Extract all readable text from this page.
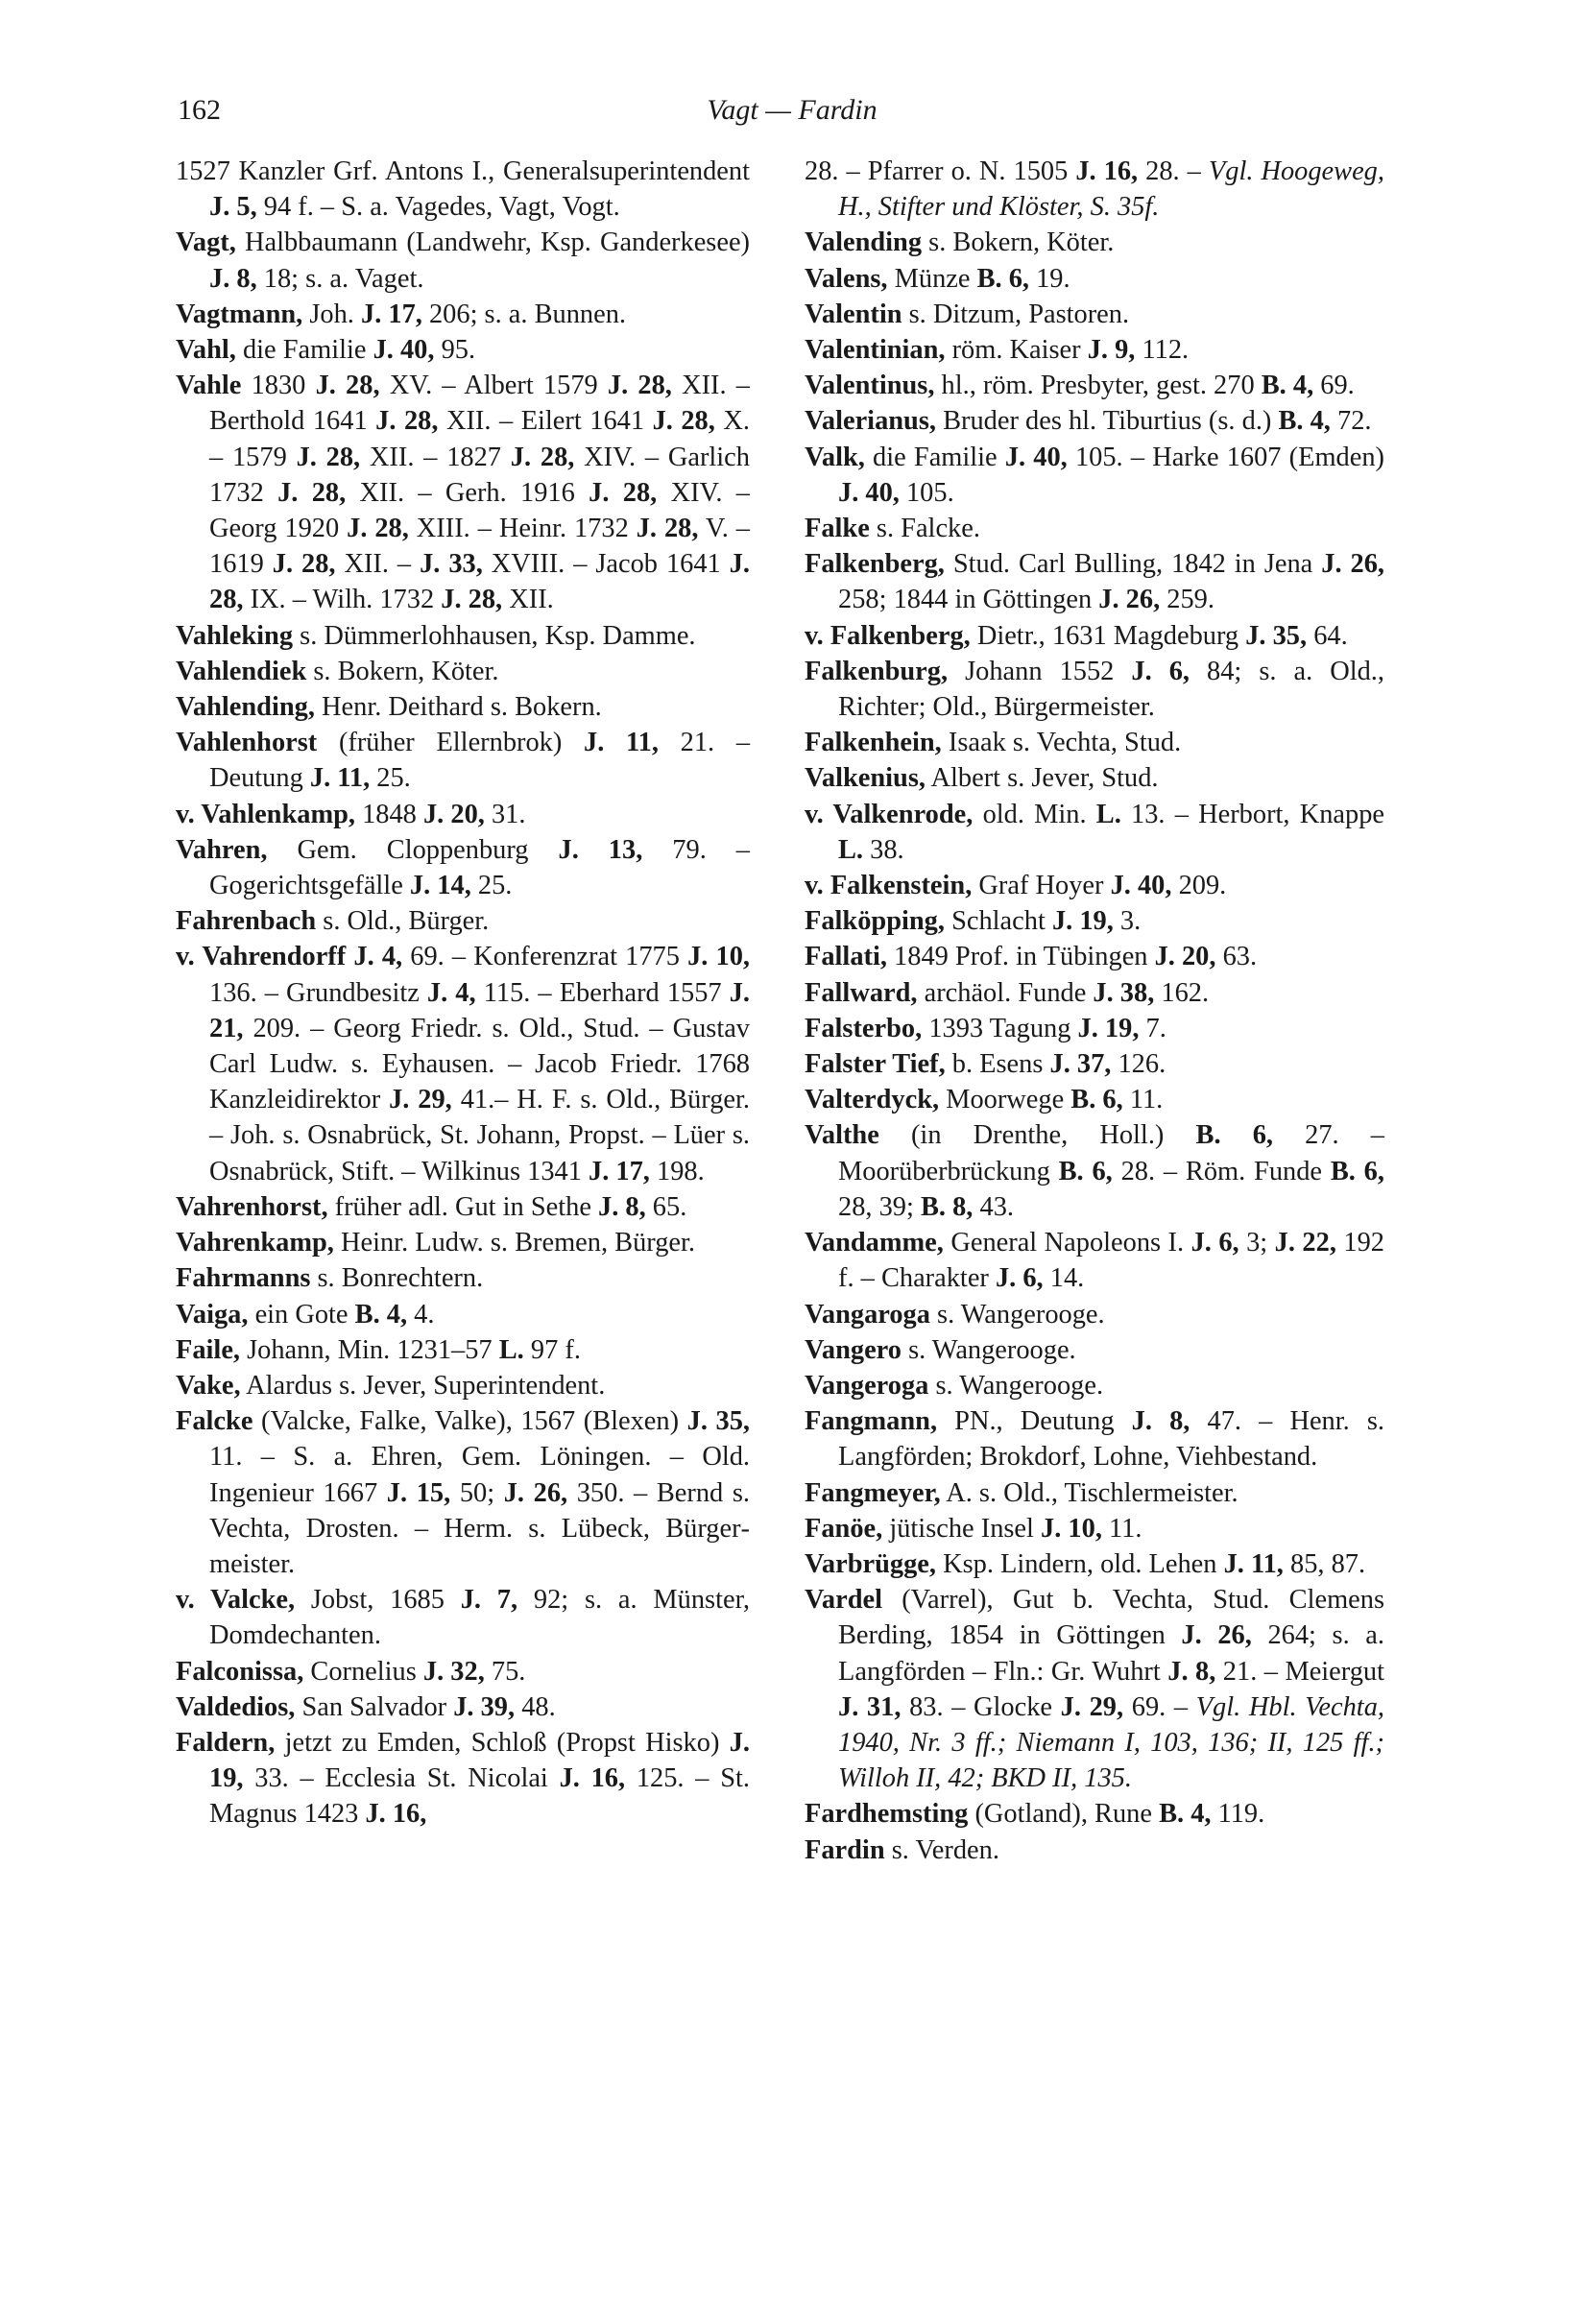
162	Vagt — Fardin

1527 Kanzler Grf. Antons I., Generalsuperintendent J. 5, 94 f. – S. a. Vagedes, Vagt, Vogt.

Vagt, Halbbaumann (Landwehr, Ksp. Ganderkesee) J. 8, 18; s. a. Vaget.

Vagtmann, Joh. J. 17, 206; s. a. Bunnen.

Vahl, die Familie J. 40, 95.

Vahle 1830 J. 28, XV. – Albert 1579 J. 28, XII. – Berthold 1641 J. 28, XII. – Eilert 1641 J. 28, X. – 1579 J. 28, XII. – 1827 J. 28, XIV. – Garlich 1732 J. 28, XII. – Gerh. 1916 J. 28, XIV. – Georg 1920 J. 28, XIII. – Heinr. 1732 J. 28, V. – 1619 J. 28, XII. – J. 33, XVIII. – Jacob 1641 J. 28, IX. – Wilh. 1732 J. 28, XII.

Vahleking s. Dümmerlohhausen, Ksp. Damme.

Vahlendiek s. Bokern, Köter.

Vahlending, Henr. Deithard s. Bokern.

Vahlenhorst (früher Ellernbrok) J. 11, 21. – Deutung J. 11, 25.

v. Vahlenkamp, 1848 J. 20, 31.

Vahren, Gem. Cloppenburg J. 13, 79. – Gogerichtsgefälle J. 14, 25.

Fahrenbach s. Old., Bürger.

v. Vahrendorff J. 4, 69. – Konferenzrat 1775 J. 10, 136. – Grundbesitz J. 4, 115. – Eberhard 1557 J. 21, 209. – Georg Friedr. s. Old., Stud. – Gustav Carl Ludw. s. Eyhausen. – Jacob Friedr. 1768 Kanzleidirektor J. 29, 41.– H. F. s. Old., Bürger. – Joh. s. Osnabrück, St. Johann, Propst. – Lüer s. Osnabrück, Stift. – Wilkinus 1341 J. 17, 198.

Vahrenhorst, früher adl. Gut in Sethe J. 8, 65.

Vahrenkamp, Heinr. Ludw. s. Bremen, Bürger.

Fahrmanns s. Bonrechtern.

Vaiga, ein Gote B. 4, 4.

Faile, Johann, Min. 1231–57 L. 97 f.

Vake, Alardus s. Jever, Superintendent.

Falcke (Valcke, Falke, Valke), 1567 (Blexen) J. 35, 11. – S. a. Ehren, Gem. Löningen. – Old. Ingenieur 1667 J. 15, 50; J. 26, 350. – Bernd s. Vechta, Drosten. – Herm. s. Lübeck, Bürgermeister.

v. Valcke, Jobst, 1685 J. 7, 92; s. a. Münster, Domdechanten.

Falconissa, Cornelius J. 32, 75.

Valdedios, San Salvador J. 39, 48.

Faldern, jetzt zu Emden, Schloß (Propst Hisko) J. 19, 33. – Ecclesia St. Nicolai J. 16, 125. – St. Magnus 1423 J. 16,

28. – Pfarrer o. N. 1505 J. 16, 28. – Vgl. Hoogeweg, H., Stifter und Klöster, S. 35f.

Valending s. Bokern, Köter.

Valens, Münze B. 6, 19.

Valentin s. Ditzum, Pastoren.

Valentinian, röm. Kaiser J. 9, 112.

Valentinus, hl., röm. Presbyter, gest. 270 B. 4, 69.

Valerianus, Bruder des hl. Tiburtius (s. d.) B. 4, 72.

Valk, die Familie J. 40, 105. – Harke 1607 (Emden) J. 40, 105.

Falke s. Falcke.

Falkenberg, Stud. Carl Bulling, 1842 in Jena J. 26, 258; 1844 in Göttingen J. 26, 259.

v. Falkenberg, Dietr., 1631 Magdeburg J. 35, 64.

Falkenburg, Johann 1552 J. 6, 84; s. a. Old., Richter; Old., Bürgermeister.

Falkenhein, Isaak s. Vechta, Stud.

Valkenius, Albert s. Jever, Stud.

v. Valkenrode, old. Min. L. 13. – Herbort, Knappe L. 38.

v. Falkenstein, Graf Hoyer J. 40, 209.

Falköpping, Schlacht J. 19, 3.

Fallati, 1849 Prof. in Tübingen J. 20, 63.

Fallward, archäol. Funde J. 38, 162.

Falsterbo, 1393 Tagung J. 19, 7.

Falster Tief, b. Esens J. 37, 126.

Valterdyck, Moorwege B. 6, 11.

Valthe (in Drenthe, Holl.) B. 6, 27. – Moorüberbrückung B. 6, 28. – Röm. Funde B. 6, 28, 39; B. 8, 43.

Vandamme, General Napoleons I. J. 6, 3; J. 22, 192 f. – Charakter J. 6, 14.

Vangaroga s. Wangerooge.

Vangero s. Wangerooge.

Vangeroga s. Wangerooge.

Fangmann, PN., Deutung J. 8, 47. – Henr. s. Langförden; Brokdorf, Lohne, Viehbestand.

Fangmeyer, A. s. Old., Tischlermeister.

Fanöe, jütische Insel J. 10, 11.

Varbrügge, Ksp. Lindern, old. Lehen J. 11, 85, 87.

Vardel (Varrel), Gut b. Vechta, Stud. Clemens Berding, 1854 in Göttingen J. 26, 264; s. a. Langförden – Fln.: Gr. Wuhrt J. 8, 21. – Meiergut J. 31, 83. – Glocke J. 29, 69. – Vgl. Hbl. Vechta, 1940, Nr. 3 ff.; Niemann I, 103, 136; II, 125 ff.; Willoh II, 42; BKD II, 135.

Fardhemsting (Gotland), Rune B. 4, 119.

Fardin s. Verden.
